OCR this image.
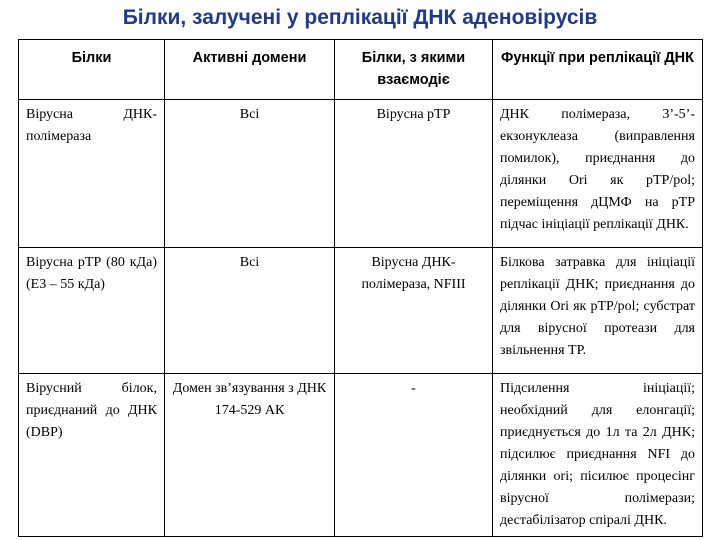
Білки, залучені у реплікації ДНК аденовірусів
Білки	Активні домени	Білки, з якими взаємодіє	Функції при реплікації ДНК
Вірусна ДНК-полімераза	Всі	Вірусна рТР	ДНК полімераза, 3’-5’-екзонуклеаза (виправлення помилок), приєднання до ділянки Ori як рТР/pol; переміщення дЦМФ на рТР підчас ініціації реплікації ДНК.
Вірусна рТР (80 кДа) (Е3 – 55 кДа)	Всі	Вірусна ДНК-полімераза, NFIII	Білкова затравка для ініціації реплікації ДНК; приєднання до ділянки Ori як рТР/pol; субстрат для вірусної протеази для звільнення ТР.
Вірусний білок, приєднаний до ДНК (DBP)	Домен зв’язування з ДНК 174-529 АК	-	Підсилення ініціації; необхідний для елонгації; приєднується до 1л та 2л ДНК; підсилює приєднання NFI до ділянки ori; пісилює процесінг вірусної полімерази; дестабілізатор спіралі ДНК.
